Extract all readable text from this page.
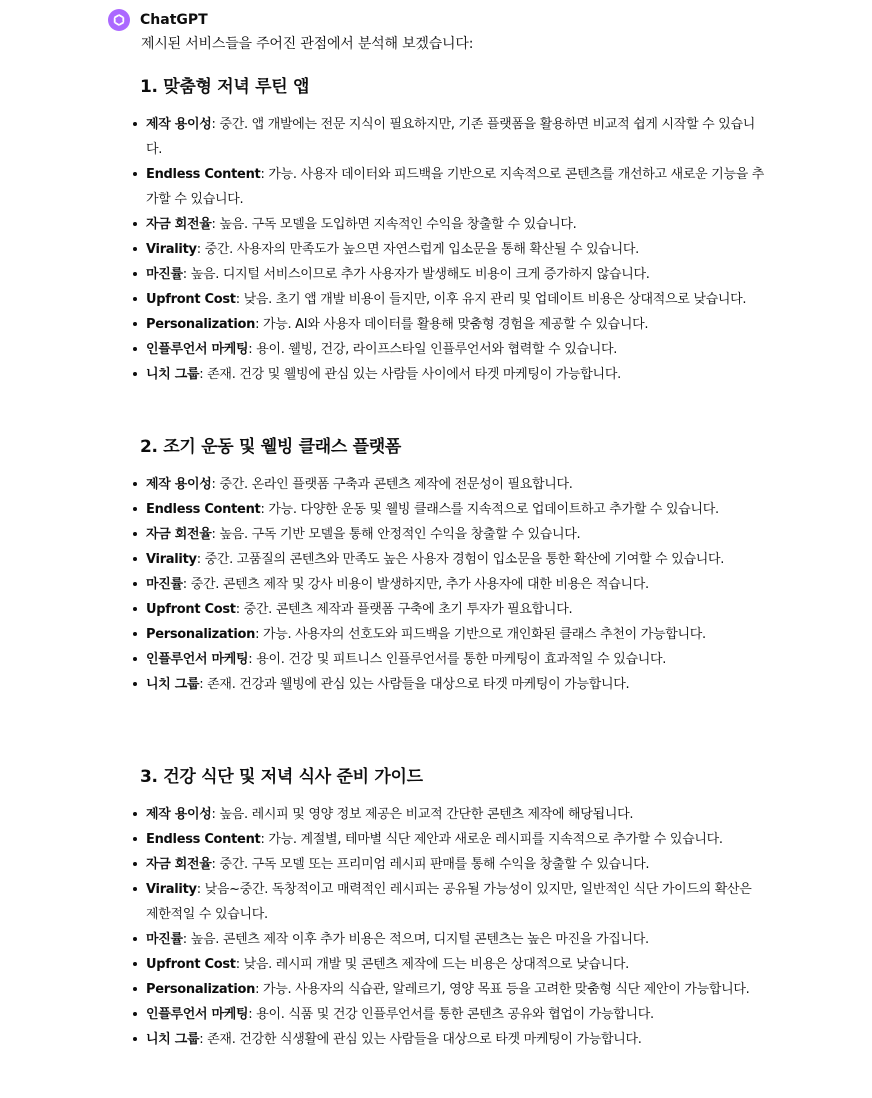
ChatGPT
제시된 서비스들을 주어진 관점에서 분석해 보겠습니다:
1. 맞춤형 저녁 루틴 앱
제작 용이성: 중간. 앱 개발에는 전문 지식이 필요하지만, 기존 플랫폼을 활용하면 비교적 쉽게 시작할 수 있습니다.
Endless Content: 가능. 사용자 데이터와 피드백을 기반으로 지속적으로 콘텐츠를 개선하고 새로운 기능을 추가할 수 있습니다.
자금 회전율: 높음. 구독 모델을 도입하면 지속적인 수익을 창출할 수 있습니다.
Virality: 중간. 사용자의 만족도가 높으면 자연스럽게 입소문을 통해 확산될 수 있습니다.
마진률: 높음. 디지털 서비스이므로 추가 사용자가 발생해도 비용이 크게 증가하지 않습니다.
Upfront Cost: 낮음. 초기 앱 개발 비용이 들지만, 이후 유지 관리 및 업데이트 비용은 상대적으로 낮습니다.
Personalization: 가능. AI와 사용자 데이터를 활용해 맞춤형 경험을 제공할 수 있습니다.
인플루언서 마케팅: 용이. 웰빙, 건강, 라이프스타일 인플루언서와 협력할 수 있습니다.
니치 그룹: 존재. 건강 및 웰빙에 관심 있는 사람들 사이에서 타겟 마케팅이 가능합니다.
2. 조기 운동 및 웰빙 클래스 플랫폼
제작 용이성: 중간. 온라인 플랫폼 구축과 콘텐츠 제작에 전문성이 필요합니다.
Endless Content: 가능. 다양한 운동 및 웰빙 클래스를 지속적으로 업데이트하고 추가할 수 있습니다.
자금 회전율: 높음. 구독 기반 모델을 통해 안정적인 수익을 창출할 수 있습니다.
Virality: 중간. 고품질의 콘텐츠와 만족도 높은 사용자 경험이 입소문을 통한 확산에 기여할 수 있습니다.
마진률: 중간. 콘텐츠 제작 및 강사 비용이 발생하지만, 추가 사용자에 대한 비용은 적습니다.
Upfront Cost: 중간. 콘텐츠 제작과 플랫폼 구축에 초기 투자가 필요합니다.
Personalization: 가능. 사용자의 선호도와 피드백을 기반으로 개인화된 클래스 추천이 가능합니다.
인플루언서 마케팅: 용이. 건강 및 피트니스 인플루언서를 통한 마케팅이 효과적일 수 있습니다.
니치 그룹: 존재. 건강과 웰빙에 관심 있는 사람들을 대상으로 타겟 마케팅이 가능합니다.
3. 건강 식단 및 저녁 식사 준비 가이드
제작 용이성: 높음. 레시피 및 영양 정보 제공은 비교적 간단한 콘텐츠 제작에 해당됩니다.
Endless Content: 가능. 계절별, 테마별 식단 제안과 새로운 레시피를 지속적으로 추가할 수 있습니다.
자금 회전율: 중간. 구독 모델 또는 프리미엄 레시피 판매를 통해 수익을 창출할 수 있습니다.
Virality: 낮음~중간. 독창적이고 매력적인 레시피는 공유될 가능성이 있지만, 일반적인 식단 가이드의 확산은 제한적일 수 있습니다.
마진률: 높음. 콘텐츠 제작 이후 추가 비용은 적으며, 디지털 콘텐츠는 높은 마진을 가집니다.
Upfront Cost: 낮음. 레시피 개발 및 콘텐츠 제작에 드는 비용은 상대적으로 낮습니다.
Personalization: 가능. 사용자의 식습관, 알레르기, 영양 목표 등을 고려한 맞춤형 식단 제안이 가능합니다.
인플루언서 마케팅: 용이. 식품 및 건강 인플루언서를 통한 콘텐츠 공유와 협업이 가능합니다.
니치 그룹: 존재. 건강한 식생활에 관심 있는 사람들을 대상으로 타겟 마케팅이 가능합니다.
